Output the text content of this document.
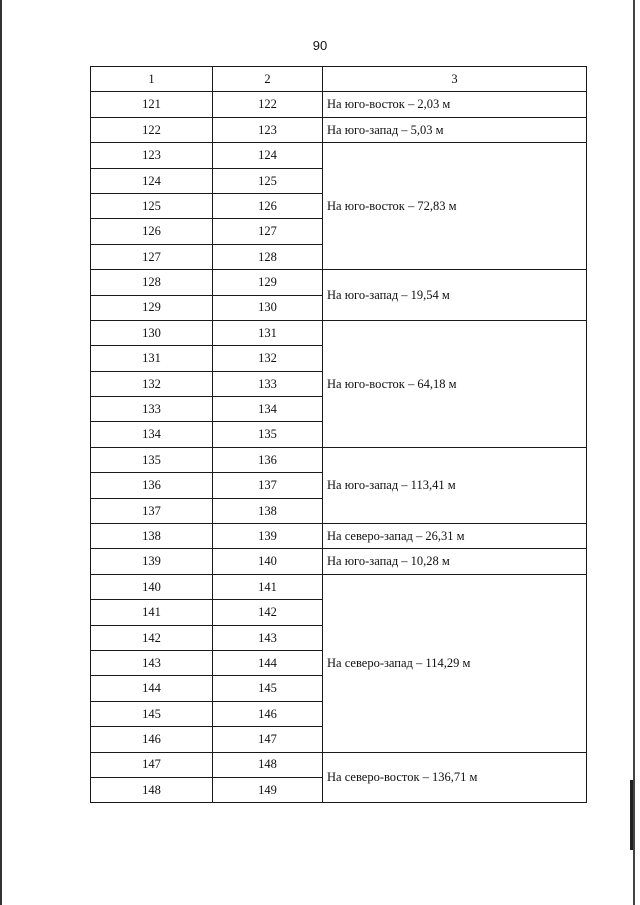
90
1	2	3
121	122	На юго-восток – 2,03 м
122	123	На юго-запад – 5,03 м
123	124	На юго-восток – 72,83 м
124	125	
125	126	
126	127	
127	128	
128	129	На юго-запад – 19,54 м
129	130	
130	131	На юго-восток – 64,18 м
131	132	
132	133	
133	134	
134	135	
135	136	На юго-запад – 113,41 м
136	137	
137	138	
138	139	На северо-запад – 26,31 м
139	140	На юго-запад – 10,28 м
140	141	На северо-запад – 114,29 м
141	142	
142	143	
143	144	
144	145	
145	146	
146	147	
147	148	На северо-восток – 136,71 м
148	149	
